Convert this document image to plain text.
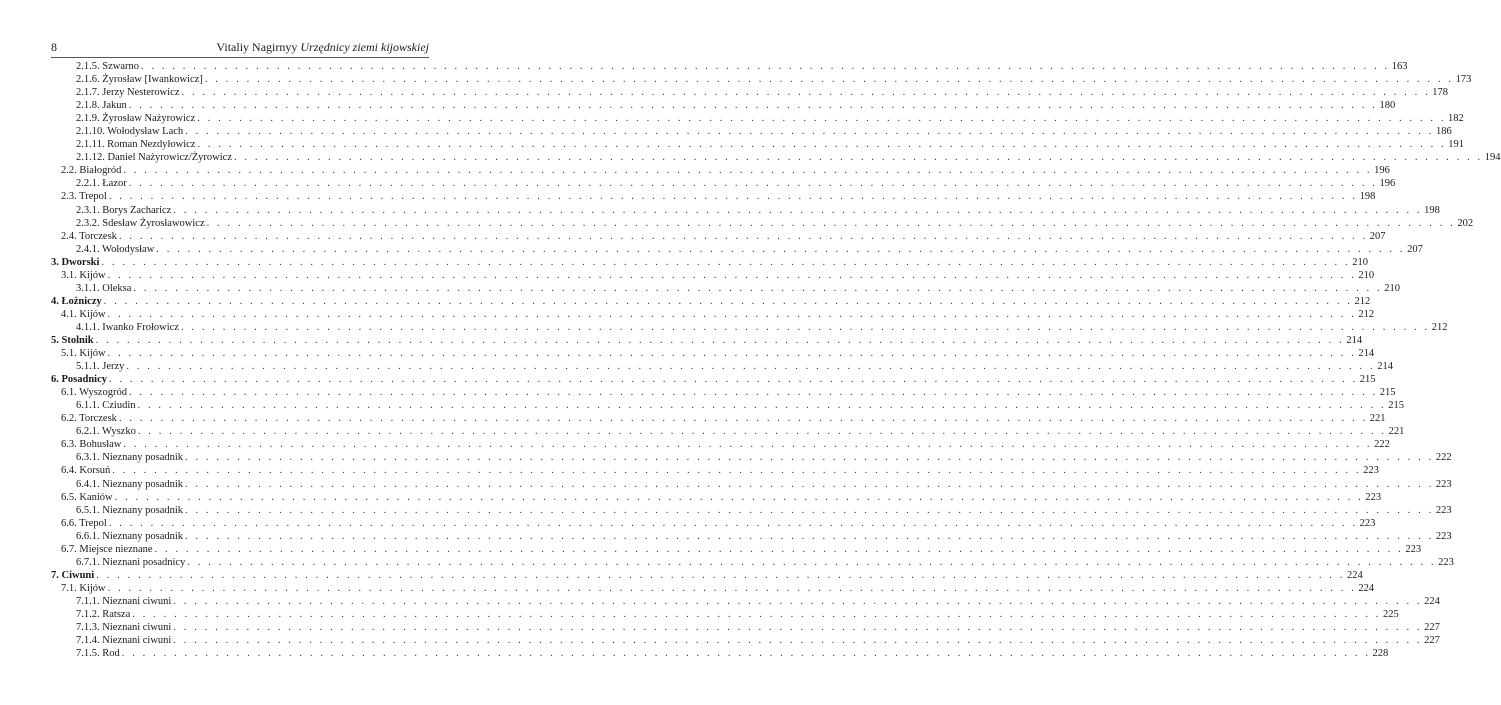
8	Vitaliy Nagirnyy Urzędnicy ziemi kijowskiej
2.1.5. Szwarno . . . . . . . . . . . . . . . . . . . . . . . . . . . . . . . . . . . . . . . . . . . . . . . . . . . . . . . . . . . . . . . . . . . . . . . . . . . . . . . . . . . . . . . . . . . . . . . . . . . . . . . . . . . . . . . . . . . . . . . . 163
2.1.6. Żyrosław [Iwankowicz] . . . . . . . . . . . . . . . . . . . . . . . . . . . . . . . . . . . . . . . . . . . . . . . . . . . . . . . . . . . . . . . . . . . . . . . . . . . . . . . . . . . . . . . . . . . . . . . . . . . . . . . . . . . . . . . . . . . . . . . . 173
2.1.7. Jerzy Nesterowicz . . . . . . . . . . . . . . . . . . . . . . . . . . . . . . . . . . . . . . . . . . . . . . . . . . . . . . . . . . . . . . . . . . . . . . . . . . . . . . . . . . . . . . . . . . . . . . . . . . . . . . . . . . . . . . . . . . . . . . . . 178
2.1.8. Jakun . . . . . . . . . . . . . . . . . . . . . . . . . . . . . . . . . . . . . . . . . . . . . . . . . . . . . . . . . . . . . . . . . . . . . . . . . . . . . . . . . . . . . . . . . . . . . . . . . . . . . . . . . . . . . . . . . . . . . . . . 180
2.1.9. Żyrosław Nażyrowicz . . . . . . . . . . . . . . . . . . . . . . . . . . . . . . . . . . . . . . . . . . . . . . . . . . . . . . . . . . . . . . . . . . . . . . . . . . . . . . . . . . . . . . . . . . . . . . . . . . . . . . . . . . . . . . . . . . . . . . . . 182
2.1.10. Wołodysław Lach . . . . . . . . . . . . . . . . . . . . . . . . . . . . . . . . . . . . . . . . . . . . . . . . . . . . . . . . . . . . . . . . . . . . . . . . . . . . . . . . . . . . . . . . . . . . . . . . . . . . . . . . . . . . . . . . . . . . . . . . 186
2.1.11. Roman Nezdyłowicz . . . . . . . . . . . . . . . . . . . . . . . . . . . . . . . . . . . . . . . . . . . . . . . . . . . . . . . . . . . . . . . . . . . . . . . . . . . . . . . . . . . . . . . . . . . . . . . . . . . . . . . . . . . . . . . . . . . . . . . . 191
2.1.12. Daniel Nażyrowicz/Żyrowicz . . . . . . . . . . . . . . . . . . . . . . . . . . . . . . . . . . . . . . . . . . . . . . . . . . . . . . . . . . . . . . . . . . . . . . . . . . . . . . . . . . . . . . . . . . . . . . . . . . . . . . . . . . . . . . . . . . . . . . . . 194
2.2. Białogród . . . . . . . . . . . . . . . . . . . . . . . . . . . . . . . . . . . . . . . . . . . . . . . . . . . . . . . . . . . . . . . . . . . . . . . . . . . . . . . . . . . . . . . . . . . . . . . . . . . . . . . . . . . . . . . . . . . . . . . . 196
2.2.1. Łazor . . . . . . . . . . . . . . . . . . . . . . . . . . . . . . . . . . . . . . . . . . . . . . . . . . . . . . . . . . . . . . . . . . . . . . . . . . . . . . . . . . . . . . . . . . . . . . . . . . . . . . . . . . . . . . . . . . . . . . . . 196
2.3. Trepol . . . . . . . . . . . . . . . . . . . . . . . . . . . . . . . . . . . . . . . . . . . . . . . . . . . . . . . . . . . . . . . . . . . . . . . . . . . . . . . . . . . . . . . . . . . . . . . . . . . . . . . . . . . . . . . . . . . . . . . . 198
2.3.1. Borys Zacharicz . . . . . . . . . . . . . . . . . . . . . . . . . . . . . . . . . . . . . . . . . . . . . . . . . . . . . . . . . . . . . . . . . . . . . . . . . . . . . . . . . . . . . . . . . . . . . . . . . . . . . . . . . . . . . . . . . . . . . . . . 198
2.3.2. Sdesław Żyrosławowicz . . . . . . . . . . . . . . . . . . . . . . . . . . . . . . . . . . . . . . . . . . . . . . . . . . . . . . . . . . . . . . . . . . . . . . . . . . . . . . . . . . . . . . . . . . . . . . . . . . . . . . . . . . . . . . . . . . . . . . . . 202
2.4. Torczesk . . . . . . . . . . . . . . . . . . . . . . . . . . . . . . . . . . . . . . . . . . . . . . . . . . . . . . . . . . . . . . . . . . . . . . . . . . . . . . . . . . . . . . . . . . . . . . . . . . . . . . . . . . . . . . . . . . . . . . . . 207
2.4.1. Wołodysław . . . . . . . . . . . . . . . . . . . . . . . . . . . . . . . . . . . . . . . . . . . . . . . . . . . . . . . . . . . . . . . . . . . . . . . . . . . . . . . . . . . . . . . . . . . . . . . . . . . . . . . . . . . . . . . . . . . . . . . . 207
3. Dworski . . . . . . . . . . . . . . . . . . . . . . . . . . . . . . . . . . . . . . . . . . . . . . . . . . . . . . . . . . . . . . . . . . . . . . . . . . . . . . . . . . . . . . . . . . . . . . . . . . . . . . . . . . . . . . . . . . . . . . . . 210
3.1. Kijów . . . . . . . . . . . . . . . . . . . . . . . . . . . . . . . . . . . . . . . . . . . . . . . . . . . . . . . . . . . . . . . . . . . . . . . . . . . . . . . . . . . . . . . . . . . . . . . . . . . . . . . . . . . . . . . . . . . . . . . . 210
3.1.1. Oleksa . . . . . . . . . . . . . . . . . . . . . . . . . . . . . . . . . . . . . . . . . . . . . . . . . . . . . . . . . . . . . . . . . . . . . . . . . . . . . . . . . . . . . . . . . . . . . . . . . . . . . . . . . . . . . . . . . . . . . . . . 210
4. Łożniczy . . . . . . . . . . . . . . . . . . . . . . . . . . . . . . . . . . . . . . . . . . . . . . . . . . . . . . . . . . . . . . . . . . . . . . . . . . . . . . . . . . . . . . . . . . . . . . . . . . . . . . . . . . . . . . . . . . . . . . . . 212
4.1. Kijów . . . . . . . . . . . . . . . . . . . . . . . . . . . . . . . . . . . . . . . . . . . . . . . . . . . . . . . . . . . . . . . . . . . . . . . . . . . . . . . . . . . . . . . . . . . . . . . . . . . . . . . . . . . . . . . . . . . . . . . . 212
4.1.1. Iwanko Frołowicz . . . . . . . . . . . . . . . . . . . . . . . . . . . . . . . . . . . . . . . . . . . . . . . . . . . . . . . . . . . . . . . . . . . . . . . . . . . . . . . . . . . . . . . . . . . . . . . . . . . . . . . . . . . . . . . . . . . . . . . . 212
5. Stolnik . . . . . . . . . . . . . . . . . . . . . . . . . . . . . . . . . . . . . . . . . . . . . . . . . . . . . . . . . . . . . . . . . . . . . . . . . . . . . . . . . . . . . . . . . . . . . . . . . . . . . . . . . . . . . . . . . . . . . . . . 214
5.1. Kijów . . . . . . . . . . . . . . . . . . . . . . . . . . . . . . . . . . . . . . . . . . . . . . . . . . . . . . . . . . . . . . . . . . . . . . . . . . . . . . . . . . . . . . . . . . . . . . . . . . . . . . . . . . . . . . . . . . . . . . . . 214
5.1.1. Jerzy . . . . . . . . . . . . . . . . . . . . . . . . . . . . . . . . . . . . . . . . . . . . . . . . . . . . . . . . . . . . . . . . . . . . . . . . . . . . . . . . . . . . . . . . . . . . . . . . . . . . . . . . . . . . . . . . . . . . . . . . 214
6. Posadnicy . . . . . . . . . . . . . . . . . . . . . . . . . . . . . . . . . . . . . . . . . . . . . . . . . . . . . . . . . . . . . . . . . . . . . . . . . . . . . . . . . . . . . . . . . . . . . . . . . . . . . . . . . . . . . . . . . . . . . . . . 215
6.1. Wyszogród . . . . . . . . . . . . . . . . . . . . . . . . . . . . . . . . . . . . . . . . . . . . . . . . . . . . . . . . . . . . . . . . . . . . . . . . . . . . . . . . . . . . . . . . . . . . . . . . . . . . . . . . . . . . . . . . . . . . . . . . 215
6.1.1. Cziudin . . . . . . . . . . . . . . . . . . . . . . . . . . . . . . . . . . . . . . . . . . . . . . . . . . . . . . . . . . . . . . . . . . . . . . . . . . . . . . . . . . . . . . . . . . . . . . . . . . . . . . . . . . . . . . . . . . . . . . . . 215
6.2. Torczesk . . . . . . . . . . . . . . . . . . . . . . . . . . . . . . . . . . . . . . . . . . . . . . . . . . . . . . . . . . . . . . . . . . . . . . . . . . . . . . . . . . . . . . . . . . . . . . . . . . . . . . . . . . . . . . . . . . . . . . . . 221
6.2.1. Wyszko . . . . . . . . . . . . . . . . . . . . . . . . . . . . . . . . . . . . . . . . . . . . . . . . . . . . . . . . . . . . . . . . . . . . . . . . . . . . . . . . . . . . . . . . . . . . . . . . . . . . . . . . . . . . . . . . . . . . . . . . 221
6.3. Bohusław . . . . . . . . . . . . . . . . . . . . . . . . . . . . . . . . . . . . . . . . . . . . . . . . . . . . . . . . . . . . . . . . . . . . . . . . . . . . . . . . . . . . . . . . . . . . . . . . . . . . . . . . . . . . . . . . . . . . . . . . 222
6.3.1. Nieznany posadnik . . . . . . . . . . . . . . . . . . . . . . . . . . . . . . . . . . . . . . . . . . . . . . . . . . . . . . . . . . . . . . . . . . . . . . . . . . . . . . . . . . . . . . . . . . . . . . . . . . . . . . . . . . . . . . . . . . . . . . . . 222
6.4. Korsuń . . . . . . . . . . . . . . . . . . . . . . . . . . . . . . . . . . . . . . . . . . . . . . . . . . . . . . . . . . . . . . . . . . . . . . . . . . . . . . . . . . . . . . . . . . . . . . . . . . . . . . . . . . . . . . . . . . . . . . . . 223
6.4.1. Nieznany posadnik . . . . . . . . . . . . . . . . . . . . . . . . . . . . . . . . . . . . . . . . . . . . . . . . . . . . . . . . . . . . . . . . . . . . . . . . . . . . . . . . . . . . . . . . . . . . . . . . . . . . . . . . . . . . . . . . . . . . . . . . 223
6.5. Kaniów . . . . . . . . . . . . . . . . . . . . . . . . . . . . . . . . . . . . . . . . . . . . . . . . . . . . . . . . . . . . . . . . . . . . . . . . . . . . . . . . . . . . . . . . . . . . . . . . . . . . . . . . . . . . . . . . . . . . . . . . 223
6.5.1. Nieznany posadnik . . . . . . . . . . . . . . . . . . . . . . . . . . . . . . . . . . . . . . . . . . . . . . . . . . . . . . . . . . . . . . . . . . . . . . . . . . . . . . . . . . . . . . . . . . . . . . . . . . . . . . . . . . . . . . . . . . . . . . . . 223
6.6. Trepol . . . . . . . . . . . . . . . . . . . . . . . . . . . . . . . . . . . . . . . . . . . . . . . . . . . . . . . . . . . . . . . . . . . . . . . . . . . . . . . . . . . . . . . . . . . . . . . . . . . . . . . . . . . . . . . . . . . . . . . . 223
6.6.1. Nieznany posadnik . . . . . . . . . . . . . . . . . . . . . . . . . . . . . . . . . . . . . . . . . . . . . . . . . . . . . . . . . . . . . . . . . . . . . . . . . . . . . . . . . . . . . . . . . . . . . . . . . . . . . . . . . . . . . . . . . . . . . . . . 223
6.7. Miejsce nieznane . . . . . . . . . . . . . . . . . . . . . . . . . . . . . . . . . . . . . . . . . . . . . . . . . . . . . . . . . . . . . . . . . . . . . . . . . . . . . . . . . . . . . . . . . . . . . . . . . . . . . . . . . . . . . . . . . . . . . . . . 223
6.7.1. Nieznani posadnicy . . . . . . . . . . . . . . . . . . . . . . . . . . . . . . . . . . . . . . . . . . . . . . . . . . . . . . . . . . . . . . . . . . . . . . . . . . . . . . . . . . . . . . . . . . . . . . . . . . . . . . . . . . . . . . . . . . . . . . . . 223
7. Ciwuni . . . . . . . . . . . . . . . . . . . . . . . . . . . . . . . . . . . . . . . . . . . . . . . . . . . . . . . . . . . . . . . . . . . . . . . . . . . . . . . . . . . . . . . . . . . . . . . . . . . . . . . . . . . . . . . . . . . . . . . . 224
7.1. Kijów . . . . . . . . . . . . . . . . . . . . . . . . . . . . . . . . . . . . . . . . . . . . . . . . . . . . . . . . . . . . . . . . . . . . . . . . . . . . . . . . . . . . . . . . . . . . . . . . . . . . . . . . . . . . . . . . . . . . . . . . 224
7.1.1. Nieznani ciwuni . . . . . . . . . . . . . . . . . . . . . . . . . . . . . . . . . . . . . . . . . . . . . . . . . . . . . . . . . . . . . . . . . . . . . . . . . . . . . . . . . . . . . . . . . . . . . . . . . . . . . . . . . . . . . . . . . . . . . . . . 224
7.1.2. Ratsza . . . . . . . . . . . . . . . . . . . . . . . . . . . . . . . . . . . . . . . . . . . . . . . . . . . . . . . . . . . . . . . . . . . . . . . . . . . . . . . . . . . . . . . . . . . . . . . . . . . . . . . . . . . . . . . . . . . . . . . . 225
7.1.3. Nieznani ciwuni . . . . . . . . . . . . . . . . . . . . . . . . . . . . . . . . . . . . . . . . . . . . . . . . . . . . . . . . . . . . . . . . . . . . . . . . . . . . . . . . . . . . . . . . . . . . . . . . . . . . . . . . . . . . . . . . . . . . . . . . 227
7.1.4. Nieznani ciwuni . . . . . . . . . . . . . . . . . . . . . . . . . . . . . . . . . . . . . . . . . . . . . . . . . . . . . . . . . . . . . . . . . . . . . . . . . . . . . . . . . . . . . . . . . . . . . . . . . . . . . . . . . . . . . . . . . . . . . . . . 227
7.1.5. Rod . . . . . . . . . . . . . . . . . . . . . . . . . . . . . . . . . . . . . . . . . . . . . . . . . . . . . . . . . . . . . . . . . . . . . . . . . . . . . . . . . . . . . . . . . . . . . . . . . . . . . . . . . . . . . . . . . . . . . . . . 228
